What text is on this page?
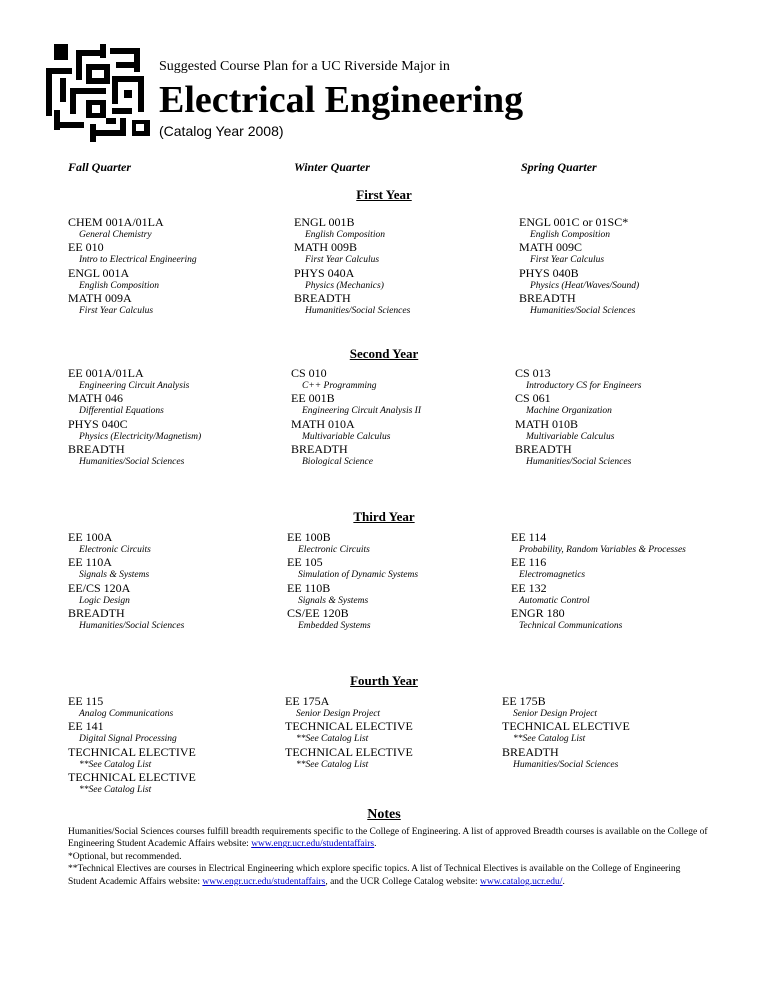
Suggested Course Plan for a UC Riverside Major in
Electrical Engineering
(Catalog Year 2008)
Fall Quarter	Winter Quarter	Spring Quarter
First Year
CHEM 001A/01LA
General Chemistry
EE 010
Intro to Electrical Engineering
ENGL 001A
English Composition
MATH 009A
First Year Calculus
ENGL 001B
English Composition
MATH 009B
First Year Calculus
PHYS 040A
Physics (Mechanics)
BREADTH
Humanities/Social Sciences
ENGL 001C or 01SC*
English Composition
MATH 009C
First Year Calculus
PHYS 040B
Physics (Heat/Waves/Sound)
BREADTH
Humanities/Social Sciences
Second Year
EE 001A/01LA
Engineering Circuit Analysis
MATH 046
Differential Equations
PHYS 040C
Physics (Electricity/Magnetism)
BREADTH
Humanities/Social Sciences
CS 010
C++ Programming
EE 001B
Engineering Circuit Analysis II
MATH 010A
Multivariable Calculus
BREADTH
Biological Science
CS 013
Introductory CS for Engineers
CS 061
Machine Organization
MATH 010B
Multivariable Calculus
BREADTH
Humanities/Social Sciences
Third Year
EE 100A
Electronic Circuits
EE 110A
Signals & Systems
EE/CS 120A
Logic Design
BREADTH
Humanities/Social Sciences
EE 100B
Electronic Circuits
EE 105
Simulation of Dynamic Systems
EE 110B
Signals & Systems
CS/EE 120B
Embedded Systems
EE 114
Probability, Random Variables & Processes
EE 116
Electromagnetics
EE 132
Automatic Control
ENGR 180
Technical Communications
Fourth Year
EE 115
Analog Communications
EE 141
Digital Signal Processing
TECHNICAL ELECTIVE
**See Catalog List
TECHNICAL ELECTIVE
**See Catalog List
EE 175A
Senior Design Project
TECHNICAL ELECTIVE
**See Catalog List
TECHNICAL ELECTIVE
**See Catalog List
EE 175B
Senior Design Project
TECHNICAL ELECTIVE
**See Catalog List
BREADTH
Humanities/Social Sciences
Notes

Humanities/Social Sciences courses fulfill breadth requirements specific to the College of Engineering. A list of approved Breadth courses is available on the College of Engineering Student Academic Affairs website: www.engr.ucr.edu/studentaffairs.

*Optional, but recommended.

**Technical Electives are courses in Electrical Engineering which explore specific topics. A list of Technical Electives is available on the College of Engineering Student Academic Affairs website: www.engr.ucr.edu/studentaffairs, and the UCR College Catalog website: www.catalog.ucr.edu/.
